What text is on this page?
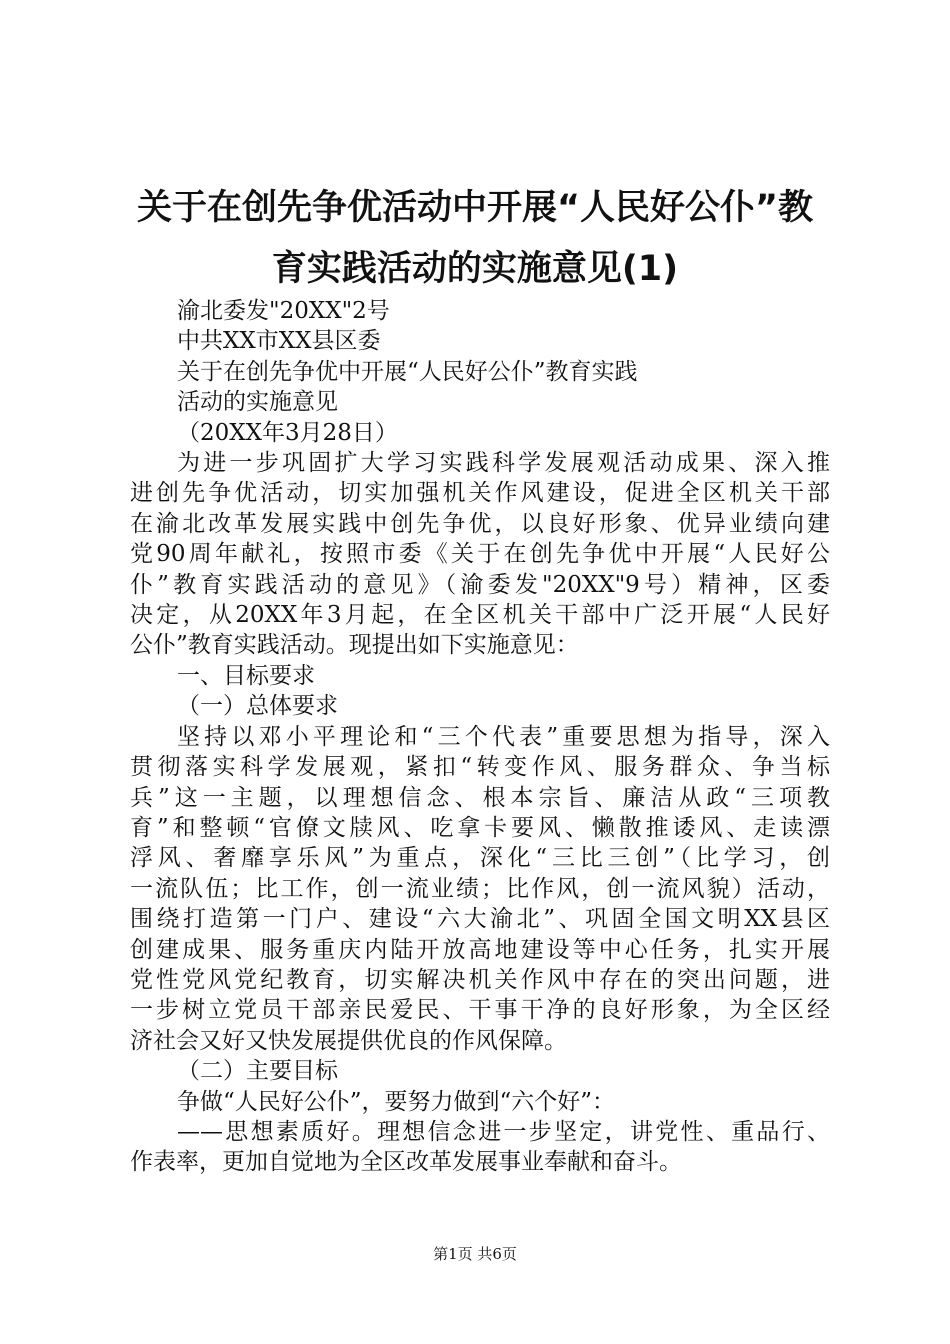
关于在创先争优活动中开展“人民好公仆”教
育实践活动的实施意见(1)

渝北委发"20XX"2号

中共XX市XX县区委

关于在创先争优中开展“人民好公仆”教育实践

活动的实施意见

（20XX年3月28日）

为进一步巩固扩大学习实践科学发展观活动成果、深入推

进创先争优活动，切实加强机关作风建设，促进全区机关干部

在渝北改革发展实践中创先争优，以良好形象、优异业绩向建

党90周年献礼，按照市委《关于在创先争优中开展“人民好公

仆”教育实践活动的意见》（渝委发"20XX"9号）精神，区委

决定，从20XX年3月起，在全区机关干部中广泛开展“人民好

公仆”教育实践活动。现提出如下实施意见：

一、目标要求

（一）总体要求

坚持以邓小平理论和“三个代表”重要思想为指导，深入

贯彻落实科学发展观，紧扣“转变作风、服务群众、争当标

兵”这一主题，以理想信念、根本宗旨、廉洁从政“三项教

育”和整顿“官僚文牍风、吃拿卡要风、懒散推诿风、走读漂

浮风、奢靡享乐风”为重点，深化“三比三创”（比学习，创

一流队伍；比工作，创一流业绩；比作风，创一流风貌）活动，

围绕打造第一门户、建设“六大渝北”、巩固全国文明XX县区

创建成果、服务重庆内陆开放高地建设等中心任务，扎实开展

党性党风党纪教育，切实解决机关作风中存在的突出问题，进

一步树立党员干部亲民爱民、干事干净的良好形象，为全区经

济社会又好又快发展提供优良的作风保障。

（二）主要目标

争做“人民好公仆”，要努力做到“六个好”：

——思想素质好。理想信念进一步坚定，讲党性、重品行、

作表率，更加自觉地为全区改革发展事业奉献和奋斗。

第1页 共6页
